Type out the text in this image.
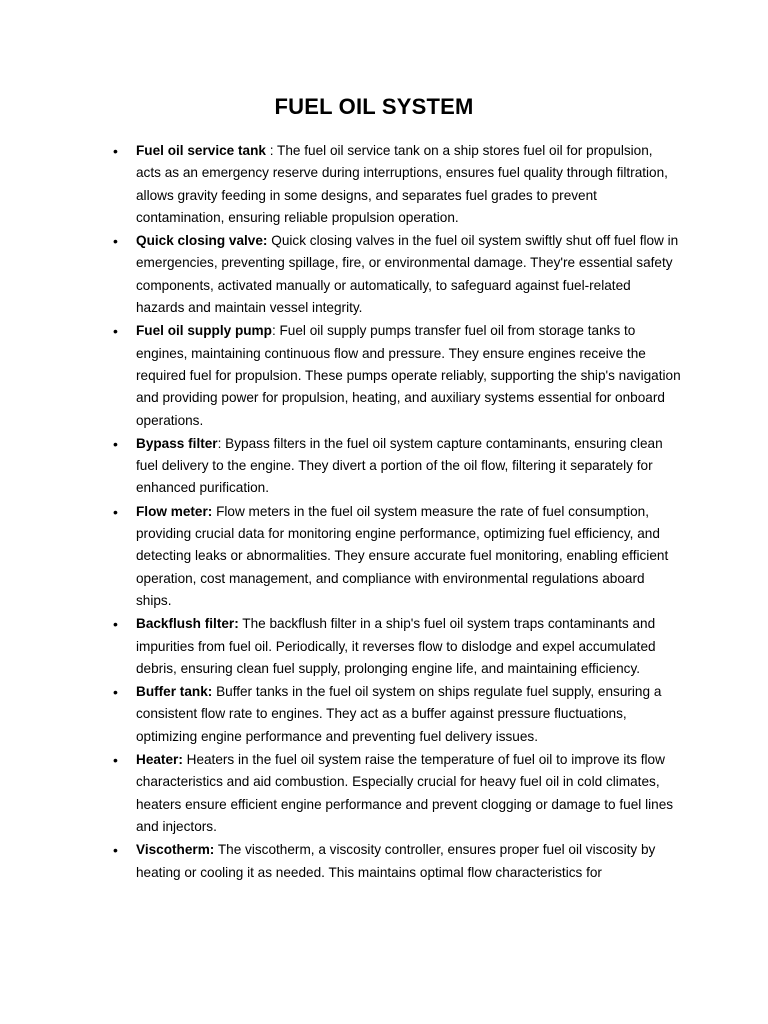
FUEL OIL SYSTEM
• Fuel oil service tank : The fuel oil service tank on a ship stores fuel oil for propulsion, acts as an emergency reserve during interruptions, ensures fuel quality through filtration, allows gravity feeding in some designs, and separates fuel grades to prevent contamination, ensuring reliable propulsion operation.
• Quick closing valve: Quick closing valves in the fuel oil system swiftly shut off fuel flow in emergencies, preventing spillage, fire, or environmental damage. They're essential safety components, activated manually or automatically, to safeguard against fuel-related hazards and maintain vessel integrity.
• Fuel oil supply pump: Fuel oil supply pumps transfer fuel oil from storage tanks to engines, maintaining continuous flow and pressure. They ensure engines receive the required fuel for propulsion. These pumps operate reliably, supporting the ship's navigation and providing power for propulsion, heating, and auxiliary systems essential for onboard operations.
• Bypass filter: Bypass filters in the fuel oil system capture contaminants, ensuring clean fuel delivery to the engine. They divert a portion of the oil flow, filtering it separately for enhanced purification.
• Flow meter: Flow meters in the fuel oil system measure the rate of fuel consumption, providing crucial data for monitoring engine performance, optimizing fuel efficiency, and detecting leaks or abnormalities. They ensure accurate fuel monitoring, enabling efficient operation, cost management, and compliance with environmental regulations aboard ships.
• Backflush filter: The backflush filter in a ship's fuel oil system traps contaminants and impurities from fuel oil. Periodically, it reverses flow to dislodge and expel accumulated debris, ensuring clean fuel supply, prolonging engine life, and maintaining efficiency.
• Buffer tank: Buffer tanks in the fuel oil system on ships regulate fuel supply, ensuring a consistent flow rate to engines. They act as a buffer against pressure fluctuations, optimizing engine performance and preventing fuel delivery issues.
• Heater: Heaters in the fuel oil system raise the temperature of fuel oil to improve its flow characteristics and aid combustion. Especially crucial for heavy fuel oil in cold climates, heaters ensure efficient engine performance and prevent clogging or damage to fuel lines and injectors.
• Viscotherm: The viscotherm, a viscosity controller, ensures proper fuel oil viscosity by heating or cooling it as needed. This maintains optimal flow characteristics for
